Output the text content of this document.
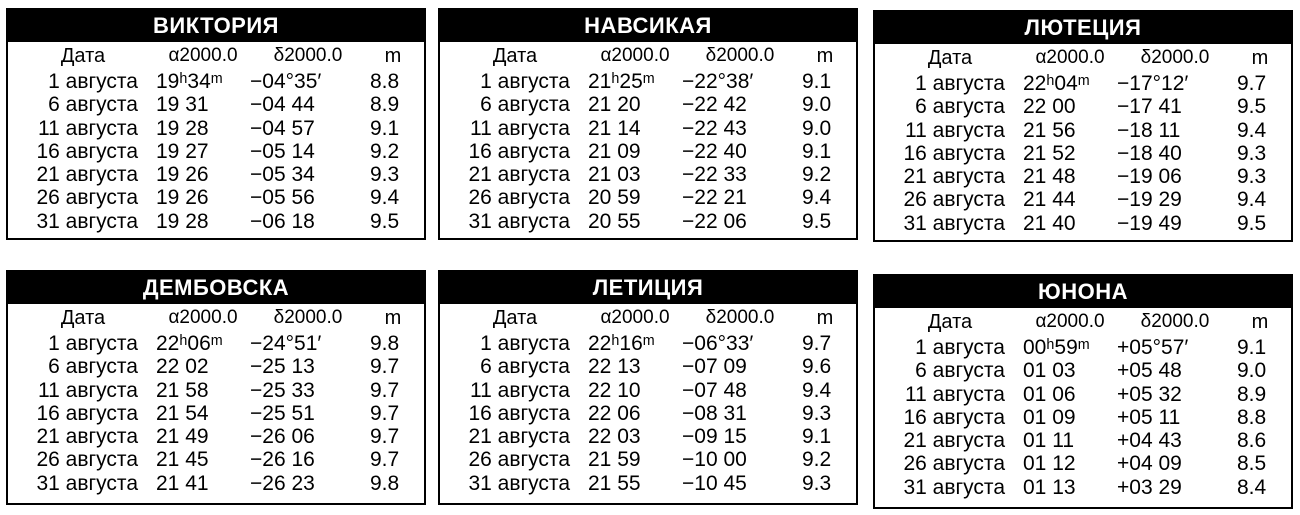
ВИКТОРИЯ
Дата	α2000.0	δ2000.0	m
1 августа 19ʰ34ᵐ	−04°35′	8.8
6 августа 19 31	−04 44	8.9
11 августа 19 28	−04 57	9.1
16 августа 19 27	−05 14	9.2
21 августа 19 26	−05 34	9.3
26 августа 19 26	−05 56	9.4
31 августа 19 28	−06 18	9.5
НАВСИКАЯ
Дата	α2000.0	δ2000.0	m
1 августа 21ʰ25ᵐ	−22°38′	9.1
6 августа 21 20	−22 42	9.0
11 августа 21 14	−22 43	9.0
16 августа 21 09	−22 40	9.1
21 августа 21 03	−22 33	9.2
26 августа 20 59	−22 21	9.4
31 августа 20 55	−22 06	9.5
ЛЮТЕЦИЯ
Дата	α2000.0	δ2000.0	m
1 августа 22ʰ04ᵐ	−17°12′	9.7
6 августа 22 00	−17 41	9.5
11 августа 21 56	−18 11	9.4
16 августа 21 52	−18 40	9.3
21 августа 21 48	−19 06	9.3
26 августа 21 44	−19 29	9.4
31 августа 21 40	−19 49	9.5
ДЕМБОВСКА
Дата	α2000.0	δ2000.0	m
1 августа 22ʰ06ᵐ	−24°51′	9.8
6 августа 22 02	−25 13	9.7
11 августа 21 58	−25 33	9.7
16 августа 21 54	−25 51	9.7
21 августа 21 49	−26 06	9.7
26 августа 21 45	−26 16	9.7
31 августа 21 41	−26 23	9.8
ЛЕТИЦИЯ
Дата	α2000.0	δ2000.0	m
1 августа 22ʰ16ᵐ	−06°33′	9.7
6 августа 22 13	−07 09	9.6
11 августа 22 10	−07 48	9.4
16 августа 22 06	−08 31	9.3
21 августа 22 03	−09 15	9.1
26 августа 21 59	−10 00	9.2
31 августа 21 55	−10 45	9.3
ЮНОНА
Дата	α2000.0	δ2000.0	m
1 августа 00ʰ59ᵐ	+05°57′	9.1
6 августа 01 03	+05 48	9.0
11 августа 01 06	+05 32	8.9
16 августа 01 09	+05 11	8.8
21 августа 01 11	+04 43	8.6
26 августа 01 12	+04 09	8.5
31 августа 01 13	+03 29	8.4
